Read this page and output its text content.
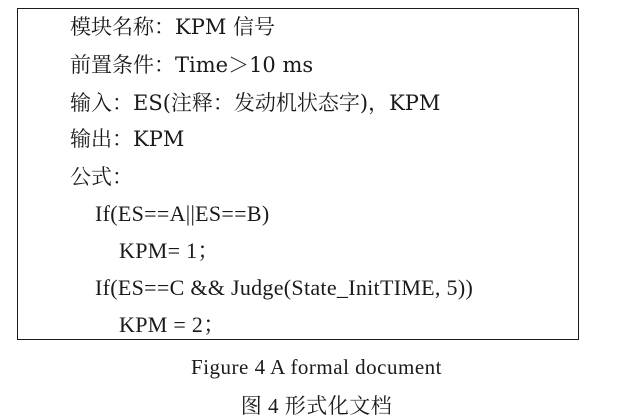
模块名称：KPM 信号
前置条件：Time＞10 ms
输入：ES(注释：发动机状态字)，KPM
输出：KPM
公式：
If(ES==A||ES==B)
KPM= 1；
If(ES==C && Judge(State_InitTIME, 5))
KPM = 2；
Figure 4 A formal document
图 4 形式化文档
